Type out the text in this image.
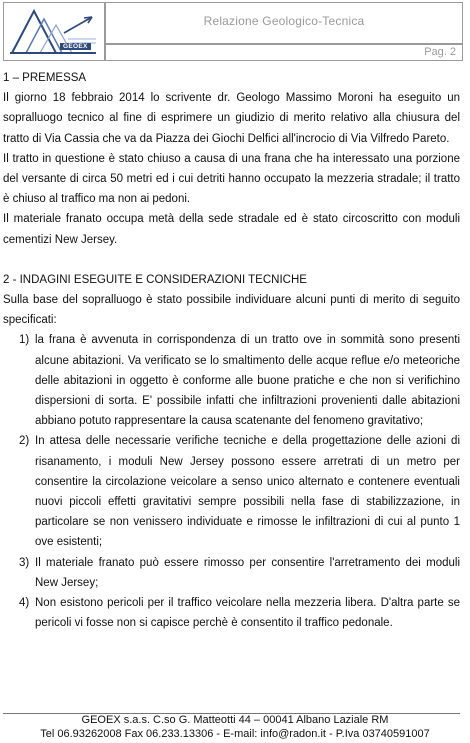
GEOEX
Relazione Geologico-Tecnica
Pag. 2

1 – PREMESSA

Il giorno 18 febbraio 2014 lo scrivente dr. Geologo Massimo Moroni ha eseguito un sopralluogo tecnico al fine di esprimere un giudizio di merito relativo alla chiusura del tratto di Via Cassia che va da Piazza dei Giochi Delfici all'incrocio di Via Vilfredo Pareto.

Il tratto in questione è stato chiuso a causa di una frana che ha interessato una porzione del versante di circa 50 metri ed i cui detriti hanno occupato la mezzeria stradale; il tratto è chiuso al traffico ma non ai pedoni.

Il materiale franato occupa metà della sede stradale ed è stato circoscritto con moduli cementizi New Jersey.

2 - INDAGINI ESEGUITE E CONSIDERAZIONI TECNICHE

Sulla base del sopralluogo è stato possibile individuare alcuni punti di merito di seguito specificati:

1) la frana è avvenuta in corrispondenza di un tratto ove in sommità sono presenti alcune abitazioni. Va verificato se lo smaltimento delle acque reflue e/o meteoriche delle abitazioni in oggetto è conforme alle buone pratiche e che non si verifichino dispersioni di sorta. E' possibile infatti che infiltrazioni provenienti dalle abitazioni abbiano potuto rappresentare la causa scatenante del fenomeno gravitativo;
2) In attesa delle necessarie verifiche tecniche e della progettazione delle azioni di risanamento, i moduli New Jersey possono essere arretrati di un metro per consentire la circolazione veicolare a senso unico alternato e contenere eventuali nuovi piccoli effetti gravitativi sempre possibili nella fase di stabilizzazione, in particolare se non venissero individuate e rimosse le infiltrazioni di cui al punto 1 ove esistenti;
3) Il materiale franato può essere rimosso per consentire l'arretramento dei moduli New Jersey;
4) Non esistono pericoli per il traffico veicolare nella mezzeria libera. D'altra parte se pericoli vi fosse non si capisce perchè è consentito il traffico pedonale.
GEOEX s.a.s. C.so G. Matteotti 44 – 00041 Albano Laziale RM
Tel 06.93262008 Fax 06.233.13306 - E-mail: info@radon.it - P.Iva 03740591007
